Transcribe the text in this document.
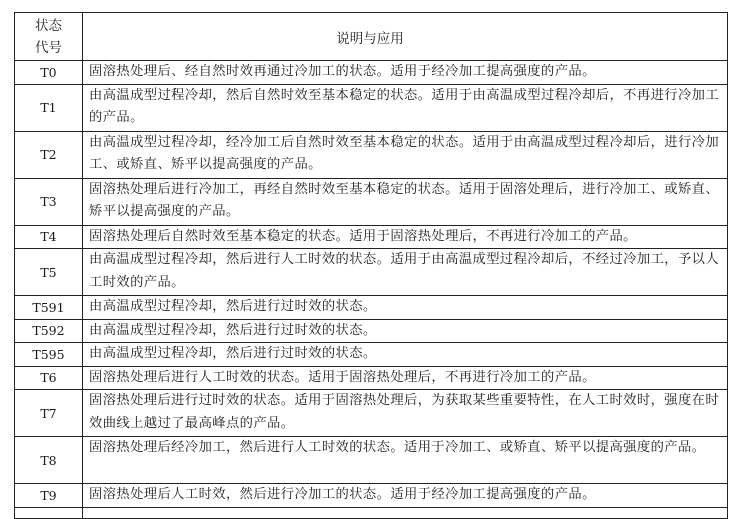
状态
代号	说明与应用
T0	固溶热处理后、经自然时效再通过冷加工的状态。适用于经冷加工提高强度的产品。
T1	由高温成型过程冷却，然后自然时效至基本稳定的状态。适用于由高温成型过程冷却后，不再进行冷加工的产品。
T2	由高温成型过程冷却，经冷加工后自然时效至基本稳定的状态。适用于由高温成型过程冷却后，进行冷加工、或矫直、矫平以提高强度的产品。
T3	固溶热处理后进行冷加工，再经自然时效至基本稳定的状态。适用于固溶处理后，进行冷加工、或矫直、矫平以提高强度的产品。
T4	固溶热处理后自然时效至基本稳定的状态。适用于固溶热处理后，不再进行冷加工的产品。
T5	由高温成型过程冷却，然后进行人工时效的状态。适用于由高温成型过程冷却后，不经过冷加工，予以人工时效的产品。
T591	由高温成型过程冷却，然后进行过时效的状态。
T592	由高温成型过程冷却，然后进行过时效的状态。
T595	由高温成型过程冷却，然后进行过时效的状态。
T6	固溶热处理后进行人工时效的状态。适用于固溶热处理后，不再进行冷加工的产品。
T7	固溶热处理后进行过时效的状态。适用于固溶热处理后，为获取某些重要特性，在人工时效时，强度在时效曲线上越过了最高峰点的产品。
T8	固溶热处理后经冷加工，然后进行人工时效的状态。适用于冷加工、或矫直、矫平以提高强度的产品。
T9	固溶热处理后人工时效，然后进行冷加工的状态。适用于经冷加工提高强度的产品。
